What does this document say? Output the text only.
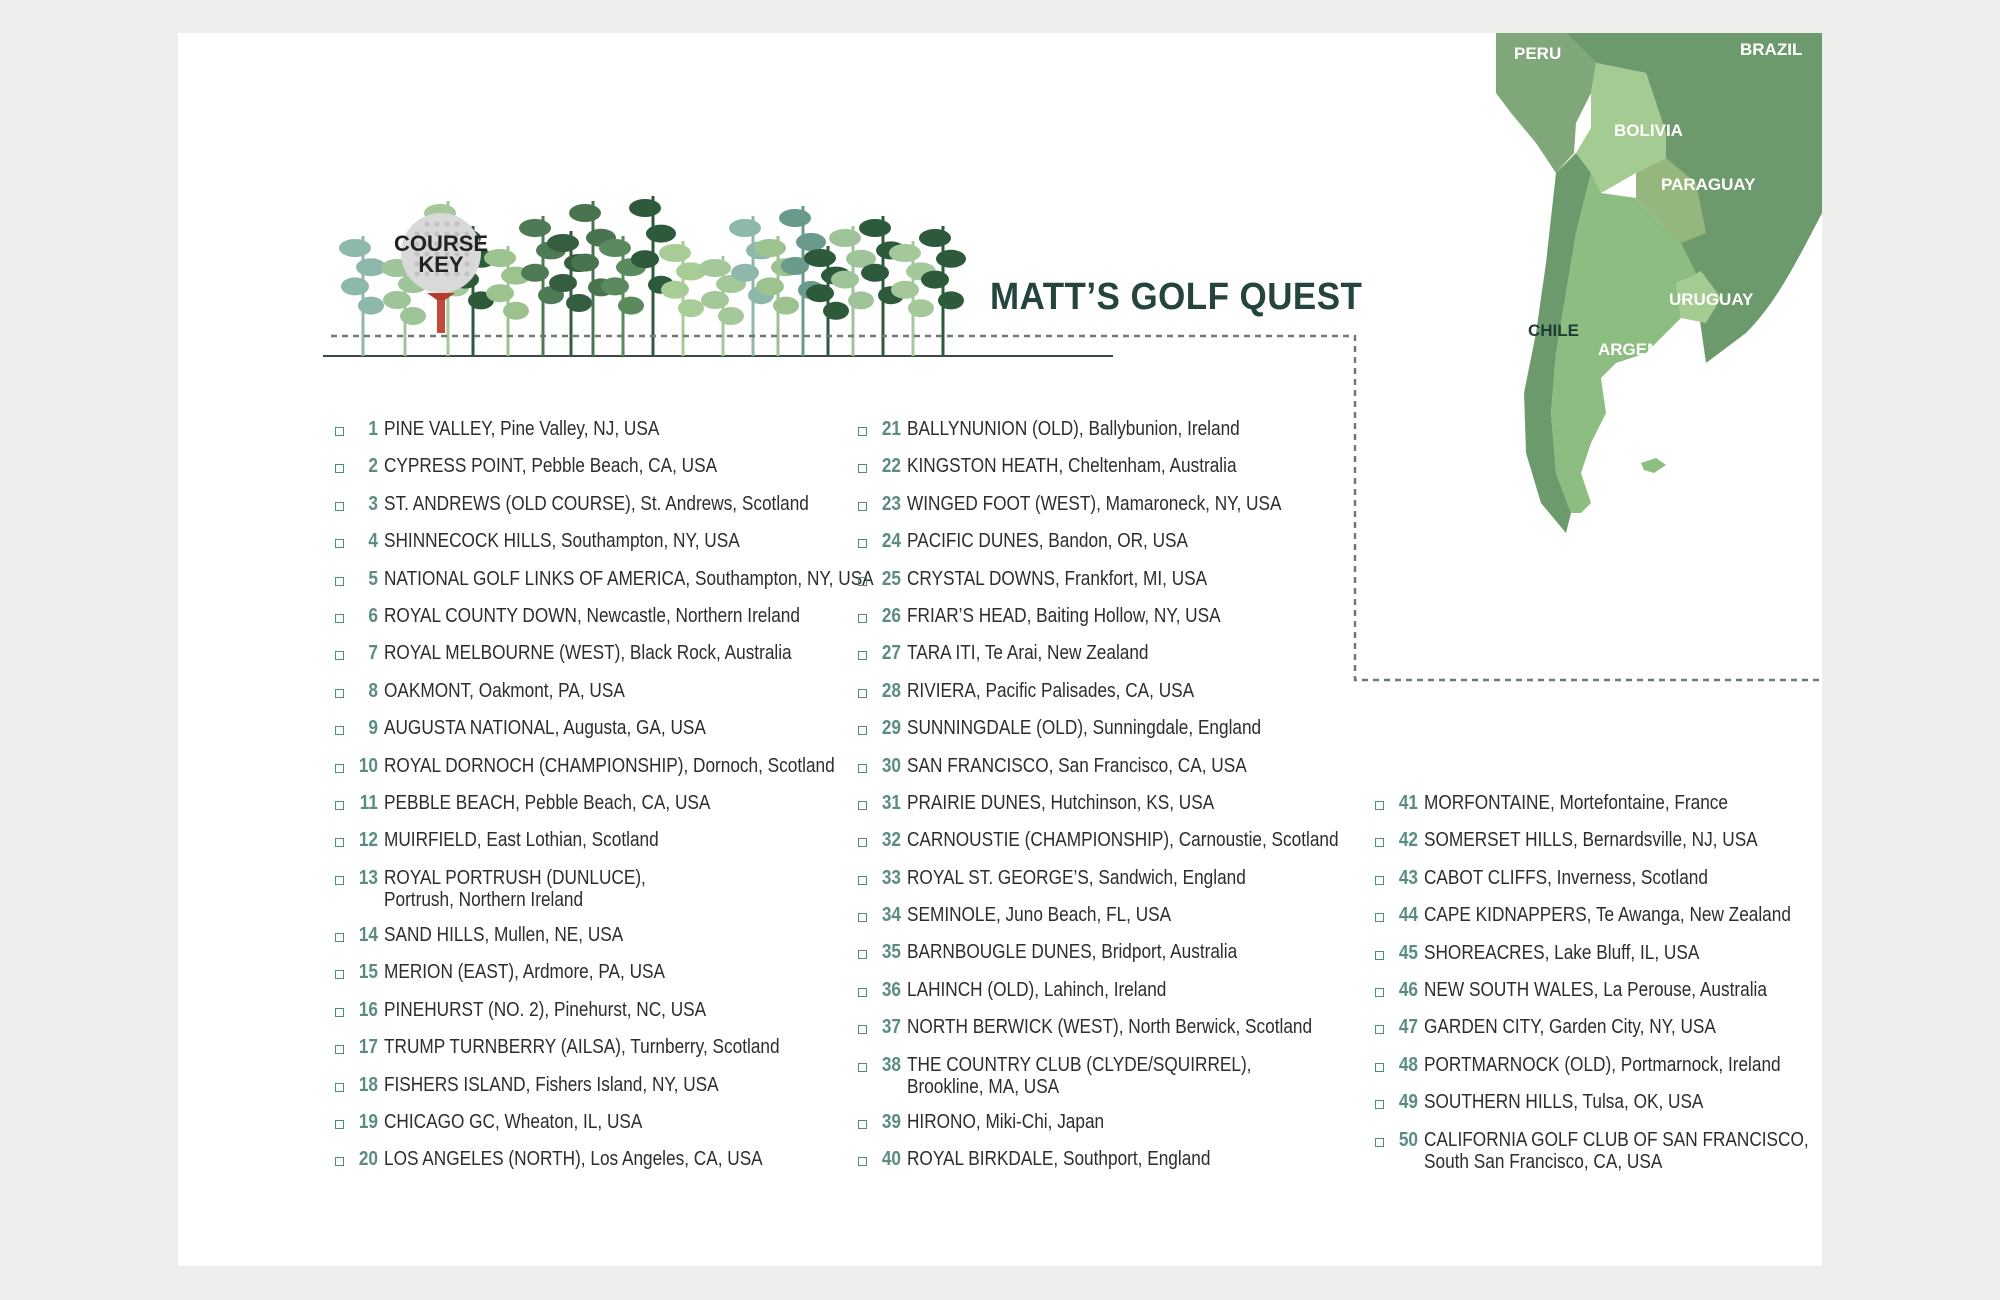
COURSE
KEY
MATT’S GOLF QUEST
PERU	BRAZIL
BOLIVIA
PARAGUAY
URUGUAY
CHILE
ARGENTINA
1 PINE VALLEY, Pine Valley, NJ, USA
2 CYPRESS POINT, Pebble Beach, CA, USA
3 ST. ANDREWS (OLD COURSE), St. Andrews, Scotland
4 SHINNECOCK HILLS, Southampton, NY, USA
5 NATIONAL GOLF LINKS OF AMERICA, Southampton, NY, USA
6 ROYAL COUNTY DOWN, Newcastle, Northern Ireland
7 ROYAL MELBOURNE (WEST), Black Rock, Australia
8 OAKMONT, Oakmont, PA, USA
9 AUGUSTA NATIONAL, Augusta, GA, USA
10 ROYAL DORNOCH (CHAMPIONSHIP), Dornoch, Scotland
11 PEBBLE BEACH, Pebble Beach, CA, USA
12 MUIRFIELD, East Lothian, Scotland
13 ROYAL PORTRUSH (DUNLUCE),
Portrush, Northern Ireland
14 SAND HILLS, Mullen, NE, USA
15 MERION (EAST), Ardmore, PA, USA
16 PINEHURST (NO. 2), Pinehurst, NC, USA
17 TRUMP TURNBERRY (AILSA), Turnberry, Scotland
18 FISHERS ISLAND, Fishers Island, NY, USA
19 CHICAGO GC, Wheaton, IL, USA
20 LOS ANGELES (NORTH), Los Angeles, CA, USA
21 BALLYNUNION (OLD), Ballybunion, Ireland
22 KINGSTON HEATH, Cheltenham, Australia
23 WINGED FOOT (WEST), Mamaroneck, NY, USA
24 PACIFIC DUNES, Bandon, OR, USA
25 CRYSTAL DOWNS, Frankfort, MI, USA
26 FRIAR’S HEAD, Baiting Hollow, NY, USA
27 TARA ITI, Te Arai, New Zealand
28 RIVIERA, Pacific Palisades, CA, USA
29 SUNNINGDALE (OLD), Sunningdale, England
30 SAN FRANCISCO, San Francisco, CA, USA
31 PRAIRIE DUNES, Hutchinson, KS, USA
32 CARNOUSTIE (CHAMPIONSHIP), Carnoustie, Scotland
33 ROYAL ST. GEORGE’S, Sandwich, England
34 SEMINOLE, Juno Beach, FL, USA
35 BARNBOUGLE DUNES, Bridport, Australia
36 LAHINCH (OLD), Lahinch, Ireland
37 NORTH BERWICK (WEST), North Berwick, Scotland
38 THE COUNTRY CLUB (CLYDE/SQUIRREL),
Brookline, MA, USA
39 HIRONO, Miki-Chi, Japan
40 ROYAL BIRKDALE, Southport, England
41 MORFONTAINE, Mortefontaine, France
42 SOMERSET HILLS, Bernardsville, NJ, USA
43 CABOT CLIFFS, Inverness, Scotland
44 CAPE KIDNAPPERS, Te Awanga, New Zealand
45 SHOREACRES, Lake Bluff, IL, USA
46 NEW SOUTH WALES, La Perouse, Australia
47 GARDEN CITY, Garden City, NY, USA
48 PORTMARNOCK (OLD), Portmarnock, Ireland
49 SOUTHERN HILLS, Tulsa, OK, USA
50 CALIFORNIA GOLF CLUB OF SAN FRANCISCO,
South San Francisco, CA, USA
